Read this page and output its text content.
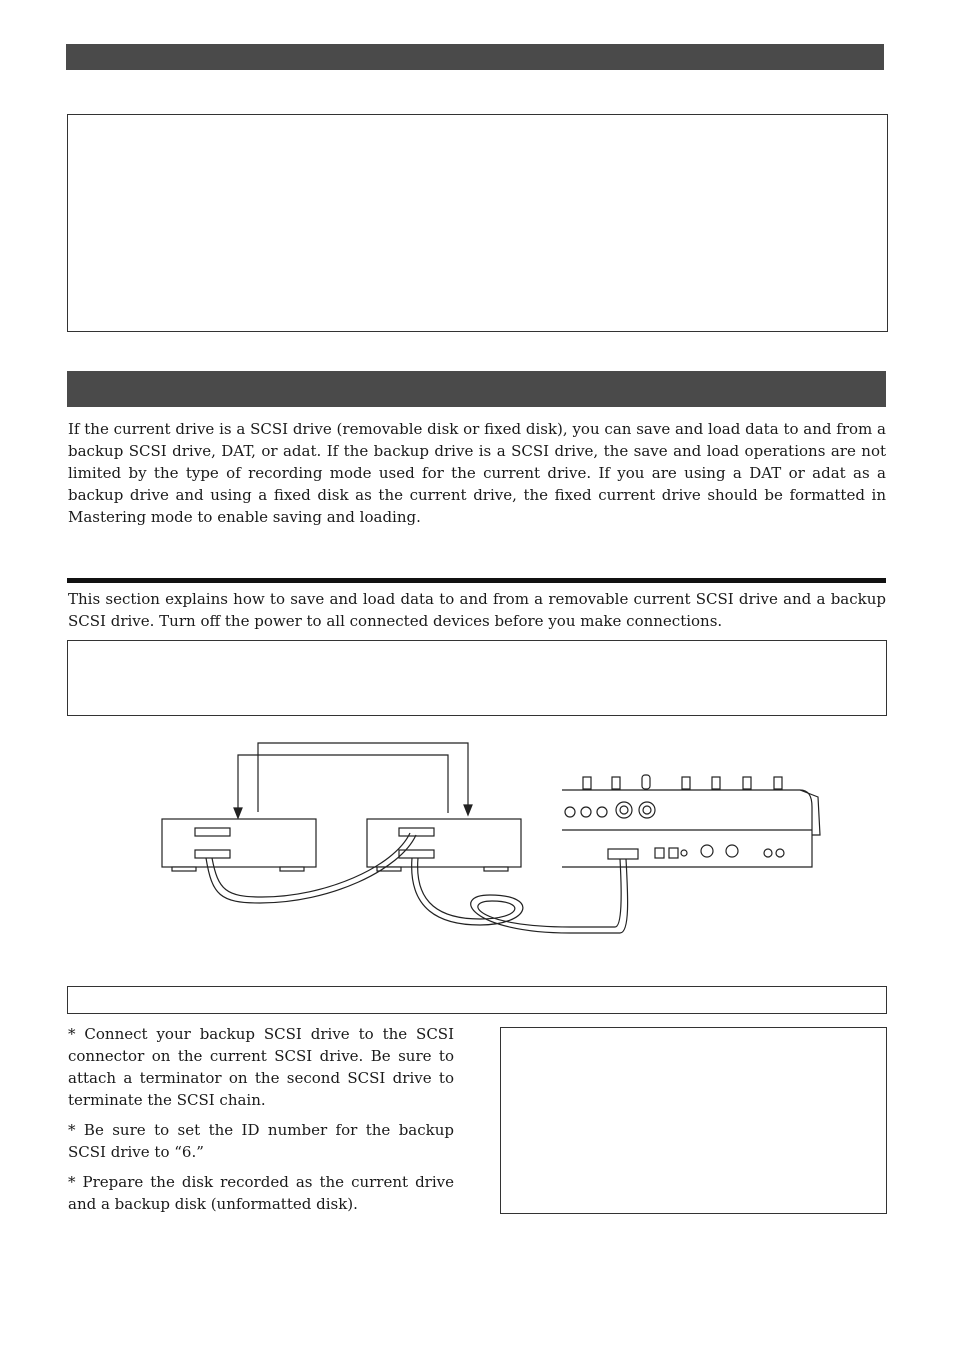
If the current drive is a SCSI drive (removable disk or fixed disk), you can save and load data to and from a backup SCSI drive, DAT, or adat. If the backup drive is a SCSI drive, the save and load operations are not limited by the type of recording mode used for the current drive. If you are using a DAT or adat as a backup drive and using a fixed disk as the current drive, the fixed current drive should be formatted in Mastering mode to enable saving and loading.

This section explains how to save and load data to and from a removable current SCSI drive and a backup SCSI drive. Turn off the power to all connected devices before you make connections.

* Connect your backup SCSI drive to the SCSI connector on the current SCSI drive. Be sure to attach a terminator on the second SCSI drive to terminate the SCSI chain.

* Be sure to set the ID number for the backup SCSI drive to “6.”

* Prepare the disk recorded as the current drive and a backup disk (unformatted disk).
